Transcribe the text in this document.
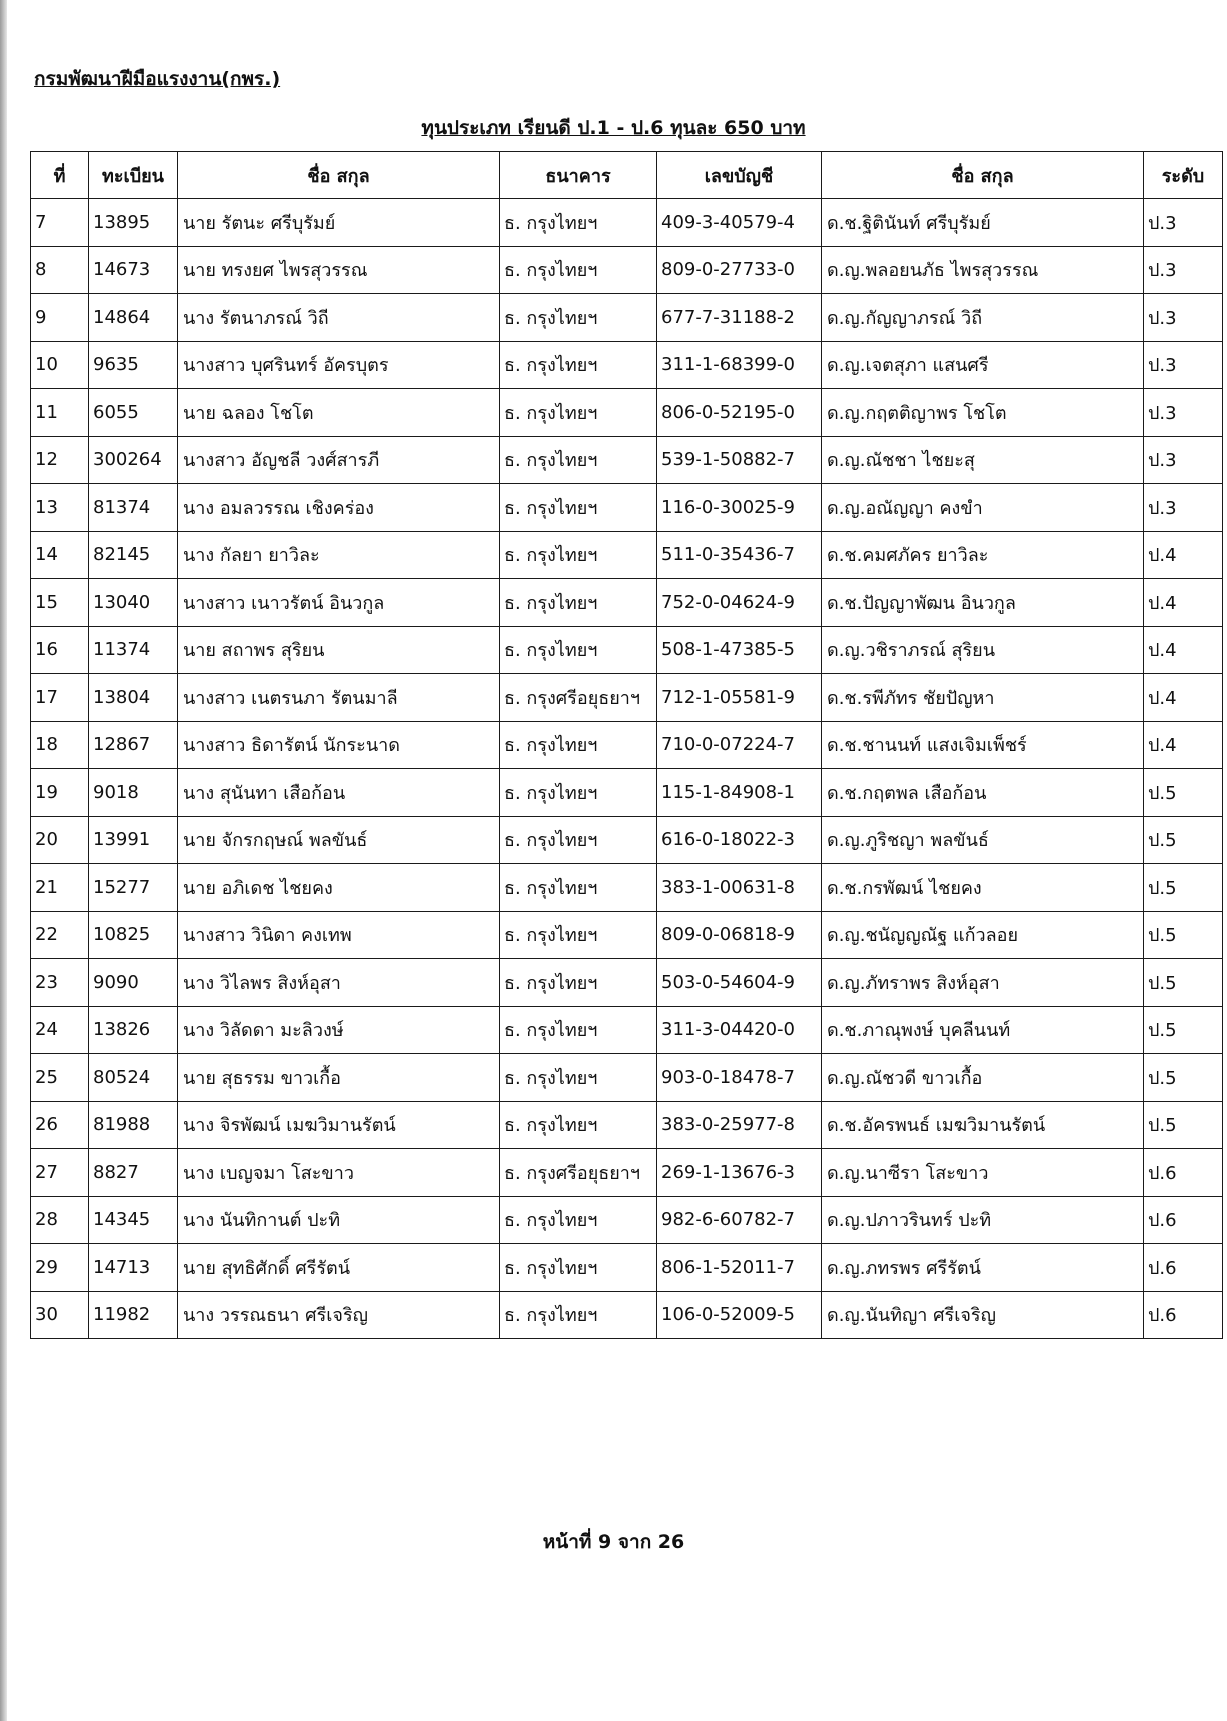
กรมพัฒนาฝีมือแรงงาน(กพร.)
ทุนประเภท เรียนดี ป.1 - ป.6 ทุนละ 650 บาท
ที่	ทะเบียน	ชื่อ สกุล	ธนาคาร	เลขบัญชี	ชื่อ สกุล	ระดับ
7	13895	นาย รัตนะ ศรีบุรัมย์	ธ. กรุงไทยฯ	409-3-40579-4	ด.ช.ฐิตินันท์ ศรีบุรัมย์	ป.3
8	14673	นาย ทรงยศ ไพรสุวรรณ	ธ. กรุงไทยฯ	809-0-27733-0	ด.ญ.พลอยนภัธ ไพรสุวรรณ	ป.3
9	14864	นาง รัตนาภรณ์ วิถี	ธ. กรุงไทยฯ	677-7-31188-2	ด.ญ.กัญญาภรณ์ วิถี	ป.3
10	9635	นางสาว บุศรินทร์ อัครบุตร	ธ. กรุงไทยฯ	311-1-68399-0	ด.ญ.เจตสุภา แสนศรี	ป.3
11	6055	นาย ฉลอง โชโต	ธ. กรุงไทยฯ	806-0-52195-0	ด.ญ.กฤตติญาพร โชโต	ป.3
12	300264	นางสาว อัญชลี วงศ์สารภี	ธ. กรุงไทยฯ	539-1-50882-7	ด.ญ.ณัชชา ไชยะสุ	ป.3
13	81374	นาง อมลวรรณ เชิงคร่อง	ธ. กรุงไทยฯ	116-0-30025-9	ด.ญ.อณัญญา คงขำ	ป.3
14	82145	นาง กัลยา ยาวิละ	ธ. กรุงไทยฯ	511-0-35436-7	ด.ช.คมศภัคร ยาวิละ	ป.4
15	13040	นางสาว เนาวรัตน์ อินวกูล	ธ. กรุงไทยฯ	752-0-04624-9	ด.ช.ปัญญาพัฒน อินวกูล	ป.4
16	11374	นาย สถาพร สุริยน	ธ. กรุงไทยฯ	508-1-47385-5	ด.ญ.วชิราภรณ์ สุริยน	ป.4
17	13804	นางสาว เนตรนภา รัตนมาลี	ธ. กรุงศรีอยุธยาฯ	712-1-05581-9	ด.ช.รพีภัทร ชัยปัญหา	ป.4
18	12867	นางสาว ธิดารัตน์ นักระนาด	ธ. กรุงไทยฯ	710-0-07224-7	ด.ช.ชานนท์ แสงเจิมเพ็ชร์	ป.4
19	9018	นาง สุนันทา เสือก้อน	ธ. กรุงไทยฯ	115-1-84908-1	ด.ช.กฤตพล เสือก้อน	ป.5
20	13991	นาย จักรกฤษณ์ พลขันธ์	ธ. กรุงไทยฯ	616-0-18022-3	ด.ญ.ภูริชญา พลขันธ์	ป.5
21	15277	นาย อภิเดช ไชยคง	ธ. กรุงไทยฯ	383-1-00631-8	ด.ช.กรพัฒน์ ไชยคง	ป.5
22	10825	นางสาว วินิดา คงเทพ	ธ. กรุงไทยฯ	809-0-06818-9	ด.ญ.ชนัญญณัฐ แก้วลอย	ป.5
23	9090	นาง วิไลพร สิงห์อุสา	ธ. กรุงไทยฯ	503-0-54604-9	ด.ญ.ภัทราพร สิงห์อุสา	ป.5
24	13826	นาง วิลัดดา มะลิวงษ์	ธ. กรุงไทยฯ	311-3-04420-0	ด.ช.ภาณุพงษ์ บุคลีนนท์	ป.5
25	80524	นาย สุธรรม ขาวเกื้อ	ธ. กรุงไทยฯ	903-0-18478-7	ด.ญ.ณัชวดี ขาวเกื้อ	ป.5
26	81988	นาง จิรพัฒน์ เมฆวิมานรัตน์	ธ. กรุงไทยฯ	383-0-25977-8	ด.ช.อัครพนธ์ เมฆวิมานรัตน์	ป.5
27	8827	นาง เบญจมา โสะขาว	ธ. กรุงศรีอยุธยาฯ	269-1-13676-3	ด.ญ.นาซีรา โสะขาว	ป.6
28	14345	นาง นันทิกานต์ ปะทิ	ธ. กรุงไทยฯ	982-6-60782-7	ด.ญ.ปภาวรินทร์ ปะทิ	ป.6
29	14713	นาย สุทธิศักดิ์ ศรีรัตน์	ธ. กรุงไทยฯ	806-1-52011-7	ด.ญ.ภทรพร ศรีรัตน์	ป.6
30	11982	นาง วรรณธนา ศรีเจริญ	ธ. กรุงไทยฯ	106-0-52009-5	ด.ญ.นันทิญา ศรีเจริญ	ป.6
หน้าที่ 9 จาก 26
